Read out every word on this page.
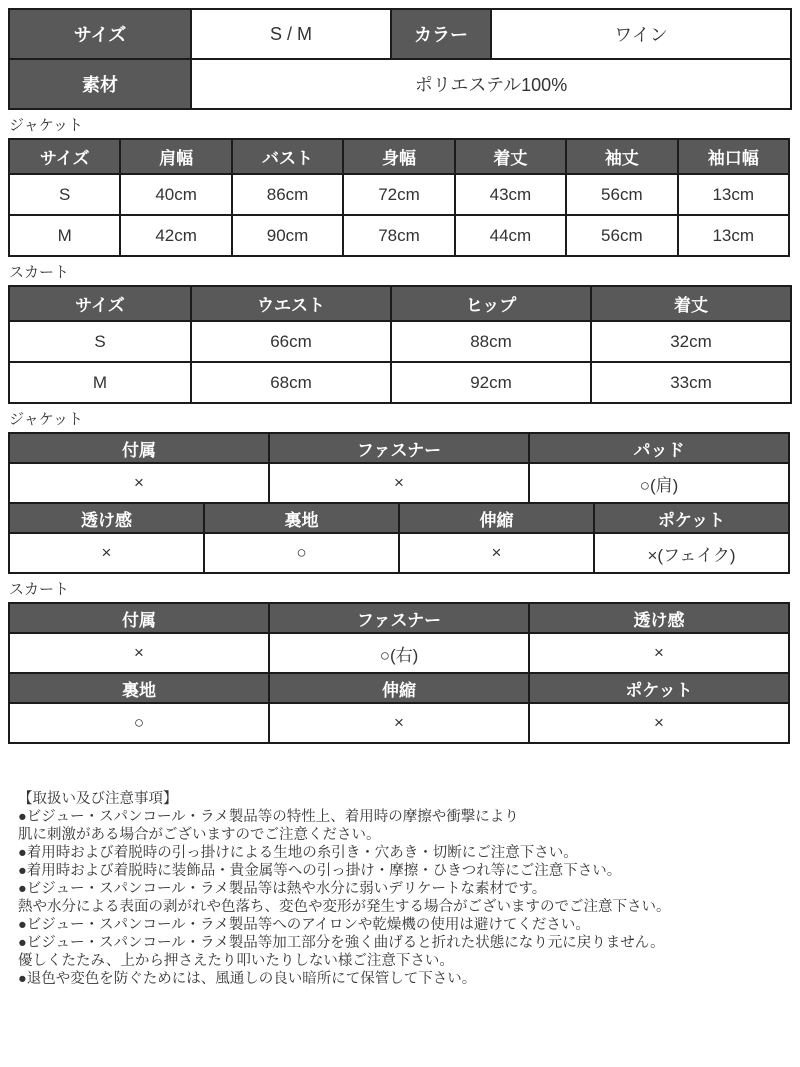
サイズ	S / M	カラー	ワイン
素材	ポリエステル100%		
ジャケット
サイズ	肩幅	バスト	身幅	着丈	袖丈	袖口幅
S	40cm	86cm	72cm	43cm	56cm	13cm
M	42cm	90cm	78cm	44cm	56cm	13cm
スカート
サイズ	ウエスト	ヒップ	着丈
S	66cm	88cm	32cm
M	68cm	92cm	33cm
ジャケット
付属		ファスナー		パッド	
×		×		○(肩)	
透け感	裏地		伸縮		ポケット
×	○		×		×(フェイク)
スカート
付属	ファスナー	透け感
×	○(右)	×
裏地	伸縮	ポケット
○	×	×
【取扱い及び注意事項】
●ビジュー・スパンコール・ラメ製品等の特性上、着用時の摩擦や衝撃により
肌に刺激がある場合がございますのでご注意ください。
●着用時および着脱時の引っ掛けによる生地の糸引き・穴あき・切断にご注意下さい。
●着用時および着脱時に装飾品・貴金属等への引っ掛け・摩擦・ひきつれ等にご注意下さい。
●ビジュー・スパンコール・ラメ製品等は熱や水分に弱いデリケートな素材です。
熱や水分による表面の剥がれや色落ち、変色や変形が発生する場合がございますのでご注意下さい。
●ビジュー・スパンコール・ラメ製品等へのアイロンや乾燥機の使用は避けてください。
●ビジュー・スパンコール・ラメ製品等加工部分を強く曲げると折れた状態になり元に戻りません。
優しくたたみ、上から押さえたり叩いたりしない様ご注意下さい。
●退色や変色を防ぐためには、風通しの良い暗所にて保管して下さい。
